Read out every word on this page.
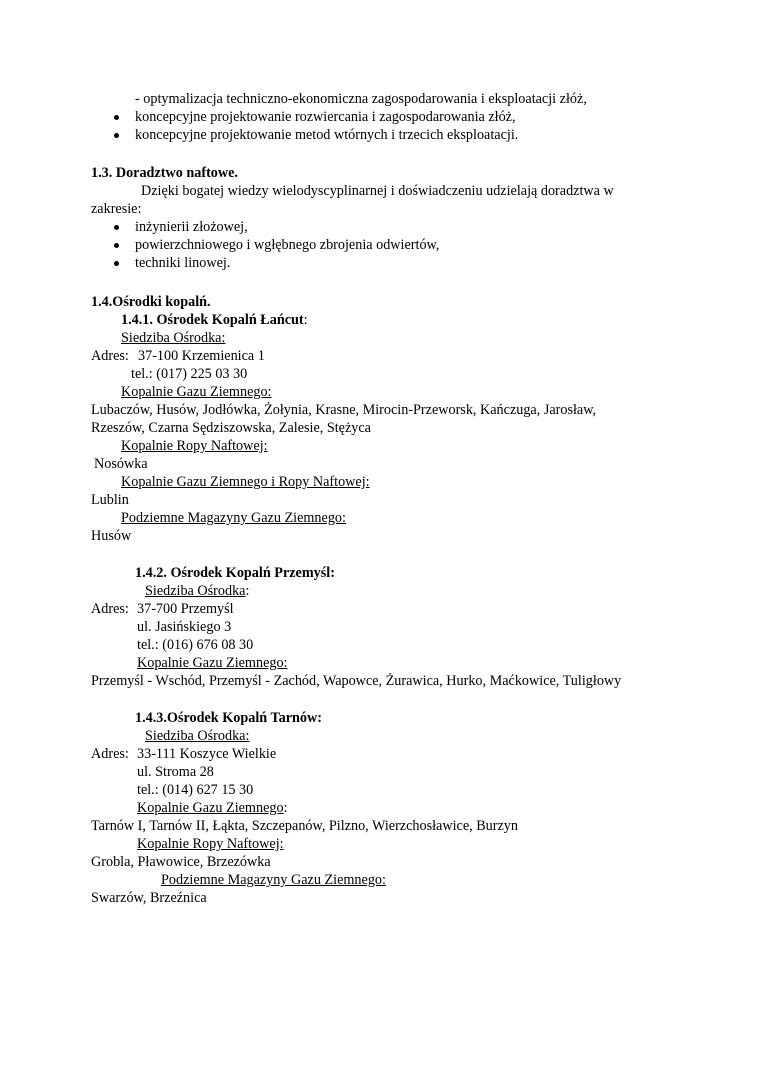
- optymalizacja techniczno-ekonomiczna zagospodarowania i eksploatacji złóż,
koncepcyjne projektowanie rozwiercania i zagospodarowania złóż,
koncepcyjne projektowanie metod wtórnych i trzecich eksploatacji.
1.3. Doradztwo naftowe.
Dzięki bogatej wiedzy wielodyscyplinarnej i doświadczeniu udzielają doradztwa w
zakresie:
inżynierii złożowej,
powierzchniowego i wgłębnego zbrojenia odwiertów,
techniki linowej.
1.4.Ośrodki kopalń.
1.4.1. Ośrodek Kopalń Łańcut:
Siedziba Ośrodka:
Adres: 37-100 Krzemienica 1
tel.: (017) 225 03 30
Kopalnie Gazu Ziemnego:
Lubaczów, Husów, Jodłówka, Żołynia, Krasne, Mirocin-Przeworsk, Kańczuga, Jarosław,
Rzeszów, Czarna Sędziszowska, Zalesie, Stężyca
Kopalnie Ropy Naftowej:
Nosówka
Kopalnie Gazu Ziemnego i Ropy Naftowej:
Lublin
Podziemne Magazyny Gazu Ziemnego:
Husów
1.4.2. Ośrodek Kopalń Przemyśl:
Siedziba Ośrodka:
Adres: 37-700 Przemyśl
ul. Jasińskiego 3
tel.: (016) 676 08 30
Kopalnie Gazu Ziemnego:
Przemyśl - Wschód, Przemyśl - Zachód, Wapowce, Żurawica, Hurko, Maćkowice, Tuligłowy
1.4.3.Ośrodek Kopalń Tarnów:
Siedziba Ośrodka:
Adres: 33-111 Koszyce Wielkie
ul. Stroma 28
tel.: (014) 627 15 30
Kopalnie Gazu Ziemnego:
Tarnów I, Tarnów II, Łąkta, Szczepanów, Pilzno, Wierzchosławice, Burzyn
Kopalnie Ropy Naftowej:
Grobla, Pławowice, Brzezówka
Podziemne Magazyny Gazu Ziemnego:
Swarzów, Brzeźnica
